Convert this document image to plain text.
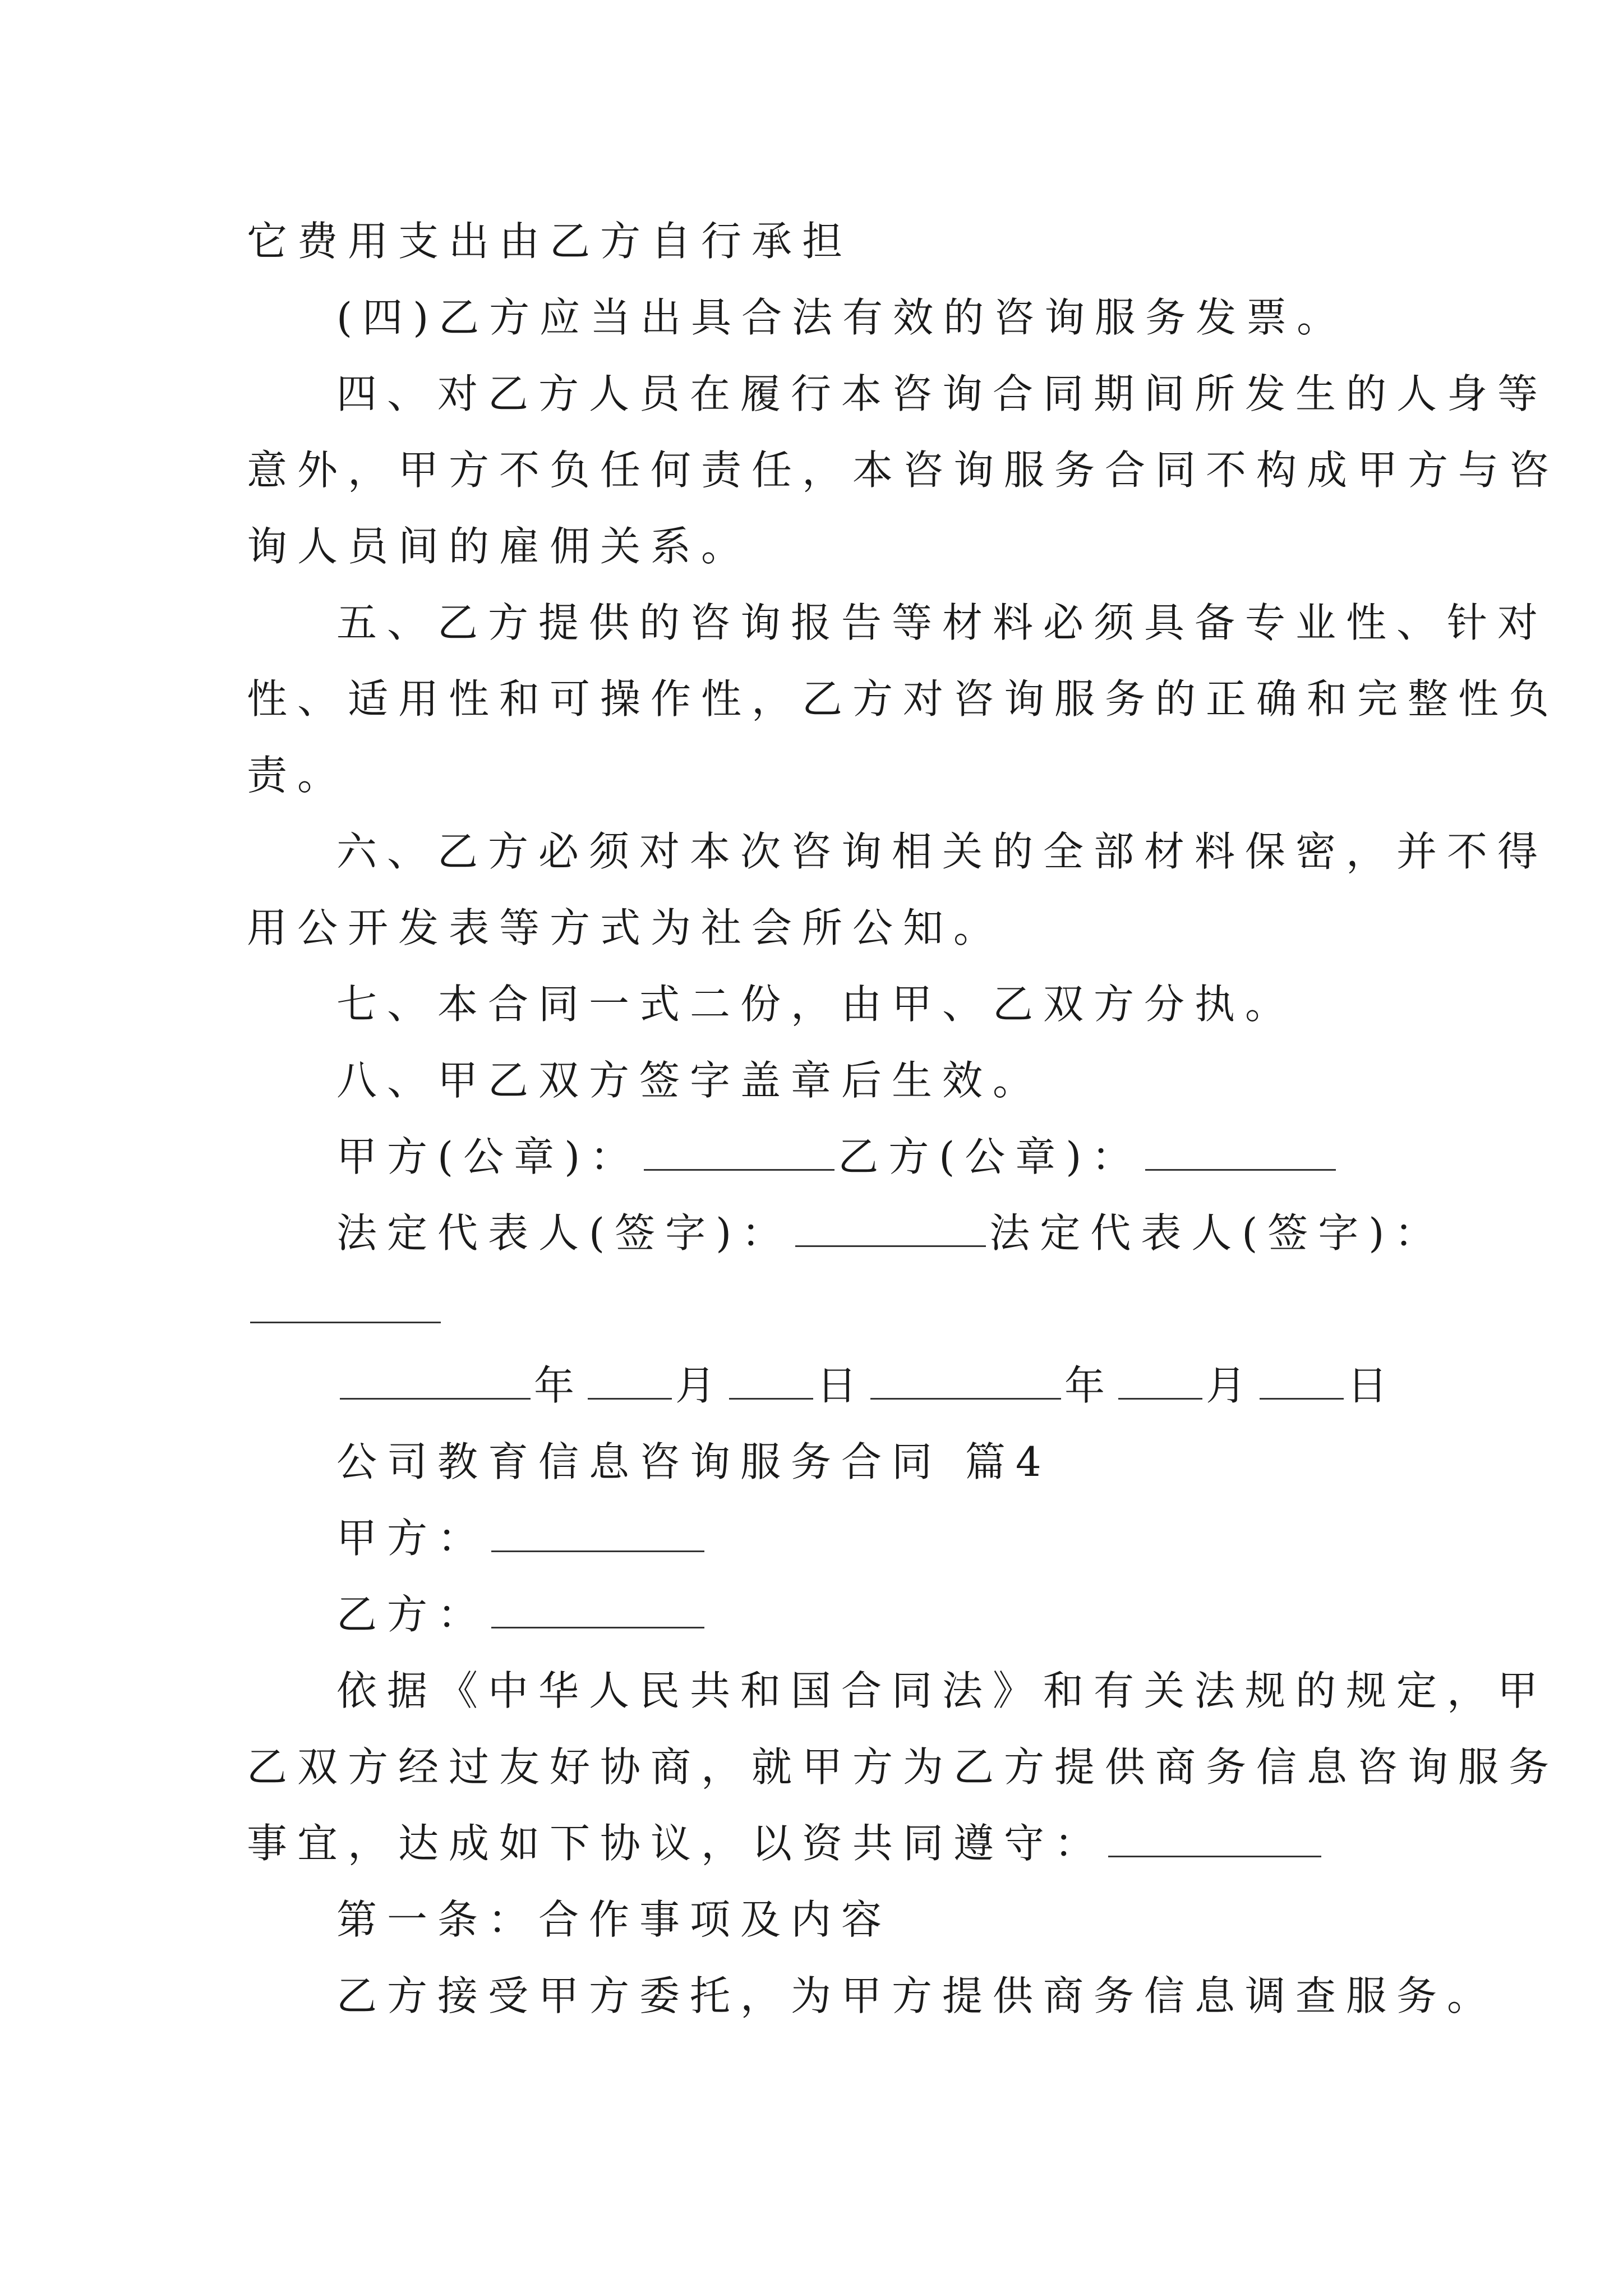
它费用支出由乙方自行承担
(四)乙方应当出具合法有效的咨询服务发票。
四、对乙方人员在履行本咨询合同期间所发生的人身等
意外，甲方不负任何责任，本咨询服务合同不构成甲方与咨
询人员间的雇佣关系。
五、乙方提供的咨询报告等材料必须具备专业性、针对
性、适用性和可操作性，乙方对咨询服务的正确和完整性负
责。
六、乙方必须对本次咨询相关的全部材料保密，并不得
用公开发表等方式为社会所公知。
七、本合同一式二份，由甲、乙双方分执。
八、甲乙双方签字盖章后生效。
甲方(公章)：	乙方(公章)：
法定代表人(签字)：	法定代表人(签字)：
年 月 日	年 月 日
公司教育信息咨询服务合同 篇4
甲方：
乙方：
依据《中华人民共和国合同法》和有关法规的规定，甲
乙双方经过友好协商，就甲方为乙方提供商务信息咨询服务
事宜，达成如下协议，以资共同遵守：
第一条：合作事项及内容
乙方接受甲方委托，为甲方提供商务信息调查服务。
